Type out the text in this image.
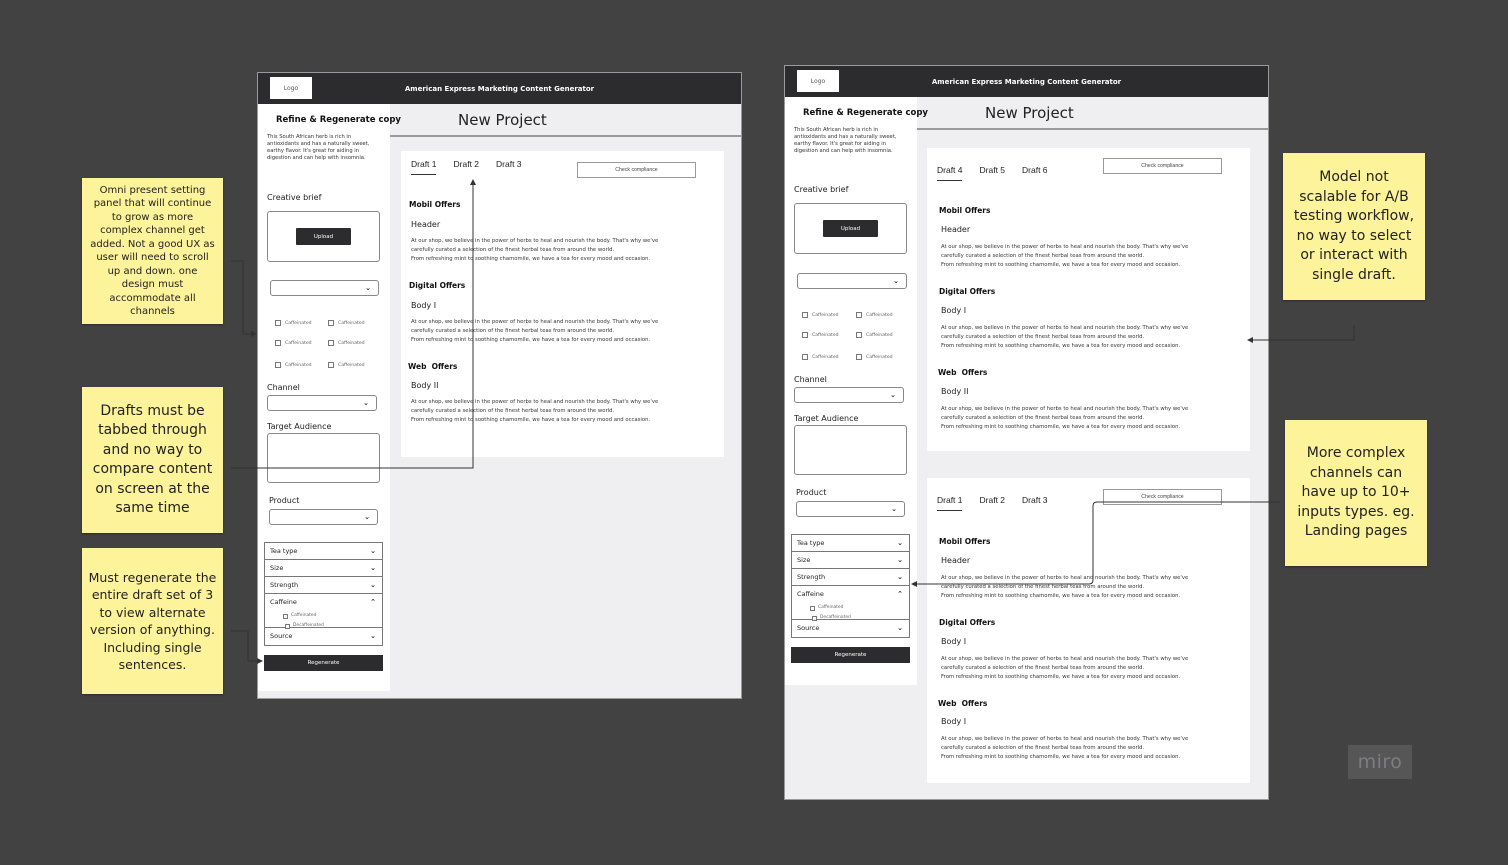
American Express Marketing Content Generator
Logo
Refine & Regenerate copy
This South African herb is rich in antioxidants and has a naturally sweet, earthy flavor. It's great for aiding in digestion and can help with insomnia.
Creative brief
Upload
⌄
Caffeinated	Caffeinated
Caffeinated	Caffeinated
Caffeinated	Caffeinated
Channel
⌄
Target Audience
Product
⌄
Tea type	⌄
Size	⌄
Strength	⌄
Caffeine	⌃
Caffeinated
Decaffeinated
Source	⌄
Regenerate
New Project
Draft 1 Draft 2 Draft 3
Check compliance
Mobil Offers
Header
At our shop, we believe in the power of herbs to heal and nourish the body. That's why we've
carefully curated a selection of the finest herbal teas from around the world.
From refreshing mint to soothing chamomile, we have a tea for every mood and occasion.
Digital Offers
Body I
At our shop, we believe in the power of herbs to heal and nourish the body. That's why we've
carefully curated a selection of the finest herbal teas from around the world.
From refreshing mint to soothing chamomile, we have a tea for every mood and occasion.
Web  Offers
Body II
At our shop, we believe in the power of herbs to heal and nourish the body. That's why we've
carefully curated a selection of the finest herbal teas from around the world.
From refreshing mint to soothing chamomile, we have a tea for every mood and occasion.
American Express Marketing Content Generator
Logo
Refine & Regenerate copy
This South African herb is rich in antioxidants and has a naturally sweet, earthy flavor. It's great for aiding in digestion and can help with insomnia.
Creative brief
Upload
⌄
Caffeinated	Caffeinated
Caffeinated	Caffeinated
Caffeinated	Caffeinated
Channel
⌄
Target Audience
Product
⌄
Tea type	⌄
Size	⌄
Strength	⌄
Caffeine	⌃
Caffeinated
Decaffeinated
Source	⌄
Regenerate
New Project
Draft 4 Draft 5 Draft 6	Check compliance
Mobil Offers
Header
At our shop, we believe in the power of herbs to heal and nourish the body. That's why we've
carefully curated a selection of the finest herbal teas from around the world.
From refreshing mint to soothing chamomile, we have a tea for every mood and occasion.
Digital Offers
Body I
At our shop, we believe in the power of herbs to heal and nourish the body. That's why we've
carefully curated a selection of the finest herbal teas from around the world.
From refreshing mint to soothing chamomile, we have a tea for every mood and occasion.
Web  Offers
Body II
At our shop, we believe in the power of herbs to heal and nourish the body. That's why we've
carefully curated a selection of the finest herbal teas from around the world.
From refreshing mint to soothing chamomile, we have a tea for every mood and occasion.
Draft 1 Draft 2 Draft 3	Check compliance
Mobil Offers
Header
At our shop, we believe in the power of herbs to heal and nourish the body. That's why we've
carefully curated a selection of the finest herbal teas from around the world.
From refreshing mint to soothing chamomile, we have a tea for every mood and occasion.
Digital Offers
Body I
At our shop, we believe in the power of herbs to heal and nourish the body. That's why we've
carefully curated a selection of the finest herbal teas from around the world.
From refreshing mint to soothing chamomile, we have a tea for every mood and occasion.
Web  Offers
Body I
At our shop, we believe in the power of herbs to heal and nourish the body. That's why we've
carefully curated a selection of the finest herbal teas from around the world.
From refreshing mint to soothing chamomile, we have a tea for every mood and occasion.
Omni present setting panel that will continue to grow as more complex channel get added. Not a good UX as user will need to scroll up and down. one design must accommodate all channels
Drafts must be tabbed through and no way to compare content on screen at the same time
Must regenerate the entire draft set of 3 to view alternate version of anything. Including single sentences.
Model not scalable for A/B testing workflow, no way to select or interact with single draft.
More complex channels can have up to 10+ inputs types. eg. Landing pages
miro
